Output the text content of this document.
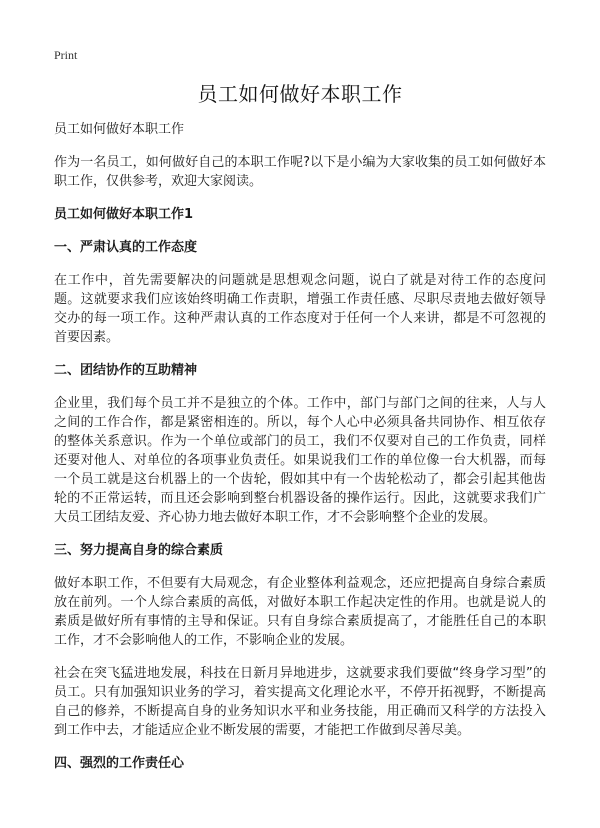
Print
员工如何做好本职工作

员工如何做好本职工作

作为一名员工，如何做好自己的本职工作呢?以下是小编为大家收集的员工如何做好本职工作，仅供参考，欢迎大家阅读。

员工如何做好本职工作1

一、严肃认真的工作态度

在工作中，首先需要解决的问题就是思想观念问题，说白了就是对待工作的态度问题。这就要求我们应该始终明确工作责职，增强工作责任感、尽职尽责地去做好领导交办的每一项工作。这种严肃认真的工作态度对于任何一个人来讲，都是不可忽视的首要因素。

二、团结协作的互助精神

企业里，我们每个员工并不是独立的个体。工作中，部门与部门之间的往来，人与人之间的工作合作，都是紧密相连的。所以，每个人心中必须具备共同协作、相互依存的整体关系意识。作为一个单位或部门的员工，我们不仅要对自己的工作负责，同样还要对他人、对单位的各项事业负责任。如果说我们工作的单位像一台大机器，而每一个员工就是这台机器上的一个齿轮，假如其中有一个齿轮松动了，都会引起其他齿轮的不正常运转，而且还会影响到整台机器设备的操作运行。因此，这就要求我们广大员工团结友爱、齐心协力地去做好本职工作，才不会影响整个企业的发展。

三、努力提高自身的综合素质

做好本职工作，不但要有大局观念，有企业整体利益观念，还应把提高自身综合素质放在前列。一个人综合素质的高低，对做好本职工作起决定性的作用。也就是说人的素质是做好所有事情的主导和保证。只有自身综合素质提高了，才能胜任自己的本职工作，才不会影响他人的工作，不影响企业的发展。

社会在突飞猛进地发展，科技在日新月异地进步，这就要求我们要做“终身学习型”的员工。只有加强知识业务的学习，着实提高文化理论水平，不停开拓视野，不断提高自己的修养，不断提高自身的业务知识水平和业务技能，用正确而又科学的方法投入到工作中去，才能适应企业不断发展的需要，才能把工作做到尽善尽美。

四、强烈的工作责任心
